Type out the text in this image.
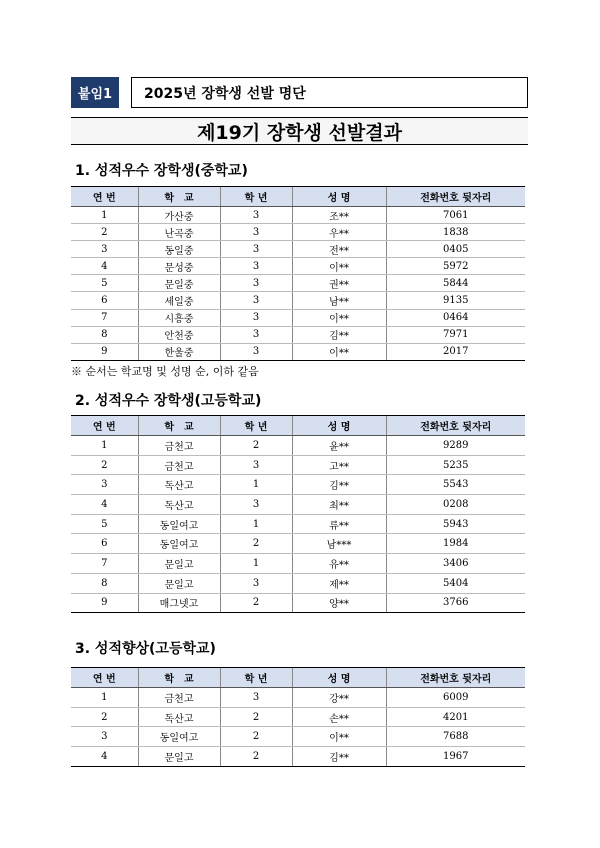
붙임1	2025년 장학생 선발 명단
제19기 장학생 선발결과
1. 성적우수 장학생(중학교)
연 번	학　교	학 년	성 명	전화번호 뒷자리
1	가산중	3	조**	7061
2	난곡중	3	우**	1838
3	동일중	3	전**	0405
4	문성중	3	이**	5972
5	문일중	3	권**	5844
6	세일중	3	남**	9135
7	시흥중	3	이**	0464
8	안천중	3	김**	7971
9	한울중	3	이**	2017
※ 순서는 학교명 및 성명 순, 이하 같음
2. 성적우수 장학생(고등학교)
연 번	학　교	학 년	성 명	전화번호 뒷자리
1	금천고	2	윤**	9289
2	금천고	3	고**	5235
3	독산고	1	김**	5543
4	독산고	3	최**	0208
5	동일여고	1	류**	5943
6	동일여고	2	남***	1984
7	문일고	1	유**	3406
8	문일고	3	제**	5404
9	매그넷고	2	양**	3766
3. 성적향상(고등학교)
연 번	학　교	학 년	성 명	전화번호 뒷자리
1	금천고	3	강**	6009
2	독산고	2	손**	4201
3	동일여고	2	이**	7688
4	문일고	2	김**	1967
